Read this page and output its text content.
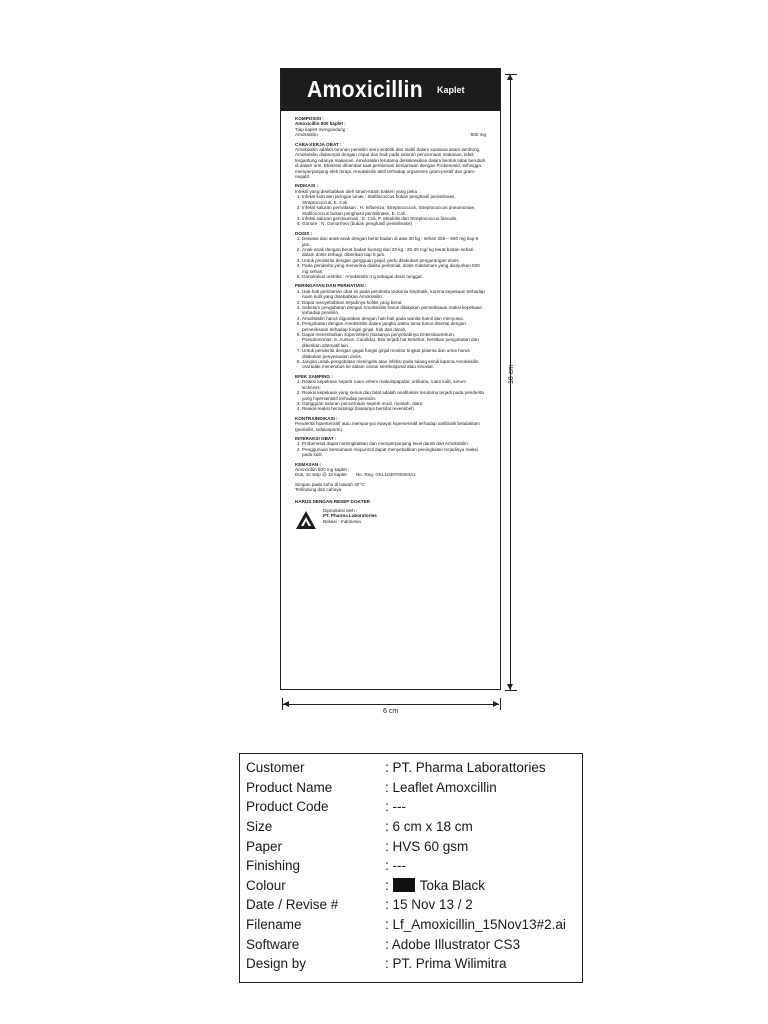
Amoxicillin Kaplet
KOMPOSISI :
Amoxicillin 500 kaplet :

Tiap kaplet mengandung :

Amoksisilin	500 mg
CARA KERJA OBAT :

Amoksisilin adalah turunan penisilin semi sintetik dan stabil dalam suasana asam lambung. Amoksisilin diabsorpsi dengan cepat dan baik pada saluran pencernaan makanan, tidak tergantung adanya makanan. Amoksisilin terutama diekskresikan dalam bentuk tidak berubah di dalam urin. Ekskresi dihambat saat pemberian bersamaan dengan Probenesid, sehingga memperpanjang efek terapi. Amoksisilin aktif terhadap organisme gram-positif dan gram-negatif.

INDIKASI :

Infeksi yang disebabkan oleh strain-strain bakteri yang peka :

1. Infeksi kulit dan jaringan lunak : Stafilococcus bukan penghasil penisilinase, Streptococcus, E. Coli.
2. Infeksi saluran pernafasan : H. Influenza, Streptococcus, Streptococcus pneumoniae, Stafilococcus bukan penghasil penisilinase, E. Coli.
3. Infeksi saluran genitourinari : E. Coli, P. Mirabilis dan Streptococcus faecalis.
4. Gonore : N. Gonorrhea (bukan penghasil penisilinase)
DOSIS :
1. Dewasa dan anak-anak dengan berat badan di atas 20 kg : sehari 250 – 500 mg tiap 8 jam.
2. Anak-anak dengan berat badan kurang dari 20 kg : 20-40 mg/ kg berat badan sehari dalam dosis terbagi, diberikan tiap 8 jam.
3. Untuk penderita dengan gangguan ginjal, perlu dilakukan pengurangan dosis.
4. Pada penderita yang menerima dialisa peritonial, dosis maksimum yang dianjurkan 500 mg sehari.
5. Gonokokus uretritis : Amoksisilin 3 g sebagai dosis tunggal.
PERINGATAN DAN PERHATIAN :
1. Hati-hati pemberian obat ini pada penderita leukimia limphatik, karena kepekaan terhadap ruam kulit yang disebabkan Amoksisilin.
2. Dapat menyebabkan terjadinya kolitis yang berat.
3. Sebelum pengobatan dengan Amoksisilin harus dilakukan pemeriksaan reaksi kepekaan terhadap penisilin.
4. Amoksisilin harus digunakan dengan hati-hati pada wanita hamil dan menyusui.
5. Pengobatan dengan Amoksisilin dalam jangka waktu lama harus disertai dengan pemeriksaan terhadap fungsi ginjal, hati dan darah.
6. Dapat menimbulkan superinfeksi (biasanya penyebabnya Enterobacterium, Pseudomonas, S. Aureus, Candida). Bila terjadi hal tersebut, hentikan pengobatan dan diberikan alternatif lain.
7. Untuk penderita dengan gagal fungsi ginjal monitor tingkat plasma dan urine harus dilakukan penyesuaian dosis.
8. Jangan untuk pengobatan meningitis atau infeksi pada tulang sendi karena Amoksisilin oral tidak menembus ke dalam cairan serebospinal atau sinovial.
EFEK SAMPING :
1. Reaksi kepekaan seperti ruam eritem makulopapular, urtikaria, ruam kulit, serum sickness.
2. Reaksi kepekaan yang serius dan fatal adalah anafilaksis terutama terjadi pada penderita yang hipersensitif terhadap penisilin.
3. Gangguan saluran pencernaan seperti mual, muntah, diare.
4. Reaksi-reaksi hematologi (biasanya bersifat reversibel).
KONTRAINDIKASI :

Penderita hipersensitif atau mempunyai riwayat hipersensitif terhadap antibiotik betalaktam (penisilin, sefalosporin).

INTERAKSI OBAT :
1. Probenesid dapat meningkatkan dan memperpanjang level darah dari Amoksisilin.
2. Penggunaan bersamaan Alopurinol dapat menyebabkan peningkatan terjadinya reaksi pada kulit.
KEMASAN :

Amoxicillin 500 mg kaplet :

Dus, 10 strip @ 10 kaplet No. Reg. GKL1040700304A1

Simpan pada suhu di bawah 30°C

Terlindung dari cahaya

HARUS DENGAN RESEP DOKTER
Diproduksi oleh :
PT. Pharma Laboratories
Bekasi - Indonesia
18 cm
6 cm
Customer	: PT. Pharma Laborattories
Product Name	: Leaflet Amoxcillin
Product Code	: ---
Size	: 6 cm x 18 cm
Paper	: HVS 60 gsm
Finishing	: ---
Colour	: Toka Black
Date / Revise #	: 15 Nov 13 / 2
Filename	: Lf_Amoxicillin_15Nov13#2.ai
Software	: Adobe Illustrator CS3
Design by	: PT. Prima Wilimitra
